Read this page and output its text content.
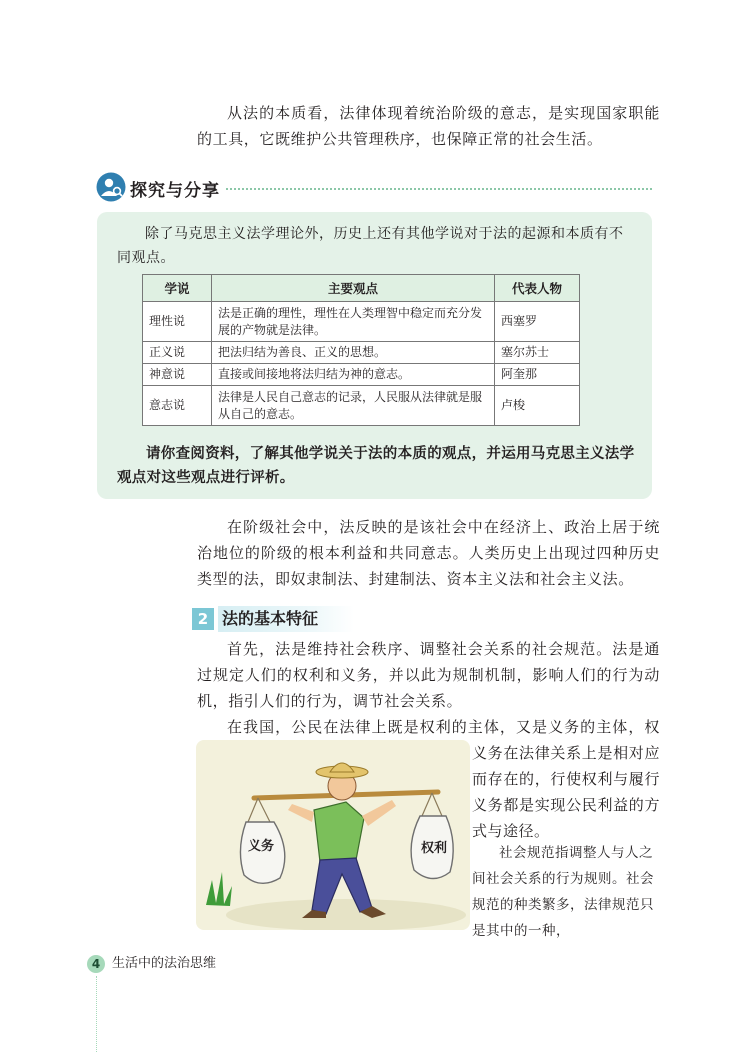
从法的本质看，法律体现着统治阶级的意志，是实现国家职能的工具，它既维护公共管理秩序，也保障正常的社会生活。

探究与分享

除了马克思主义法学理论外，历史上还有其他学说对于法的起源和本质有不同观点。

学说	主要观点	代表人物
理性说	法是正确的理性，理性在人类理智中稳定而充分发展的产物就是法律。	西塞罗
正义说	把法归结为善良、正义的思想。	塞尔苏士
神意说	直接或间接地将法归结为神的意志。	阿奎那
意志说	法律是人民自己意志的记录，人民服从法律就是服从自己的意志。	卢梭

请你查阅资料，了解其他学说关于法的本质的观点，并运用马克思主义法学观点对这些观点进行评析。

在阶级社会中，法反映的是该社会中在经济上、政治上居于统治地位的阶级的根本利益和共同意志。人类历史上出现过四种历史类型的法，即奴隶制法、封建制法、资本主义法和社会主义法。

2 法的基本特征

首先，法是维持社会秩序、调整社会关系的社会规范。法是通过规定人们的权利和义务，并以此为规制机制，影响人们的行为动机，指引人们的行为，调节社会关系。

在我国，公民在法律上既是权利的主体，又是义务的主体，权

义务在法律关系上是相对应而存在的，行使权利与履行义务都是实现公民利益的方式与途径。

义务	权利	社会规范指调整人与人之间社会关系的行为规则。社会规范的种类繁多，法律规范只是其中的一种，

4 生活中的法治思维
